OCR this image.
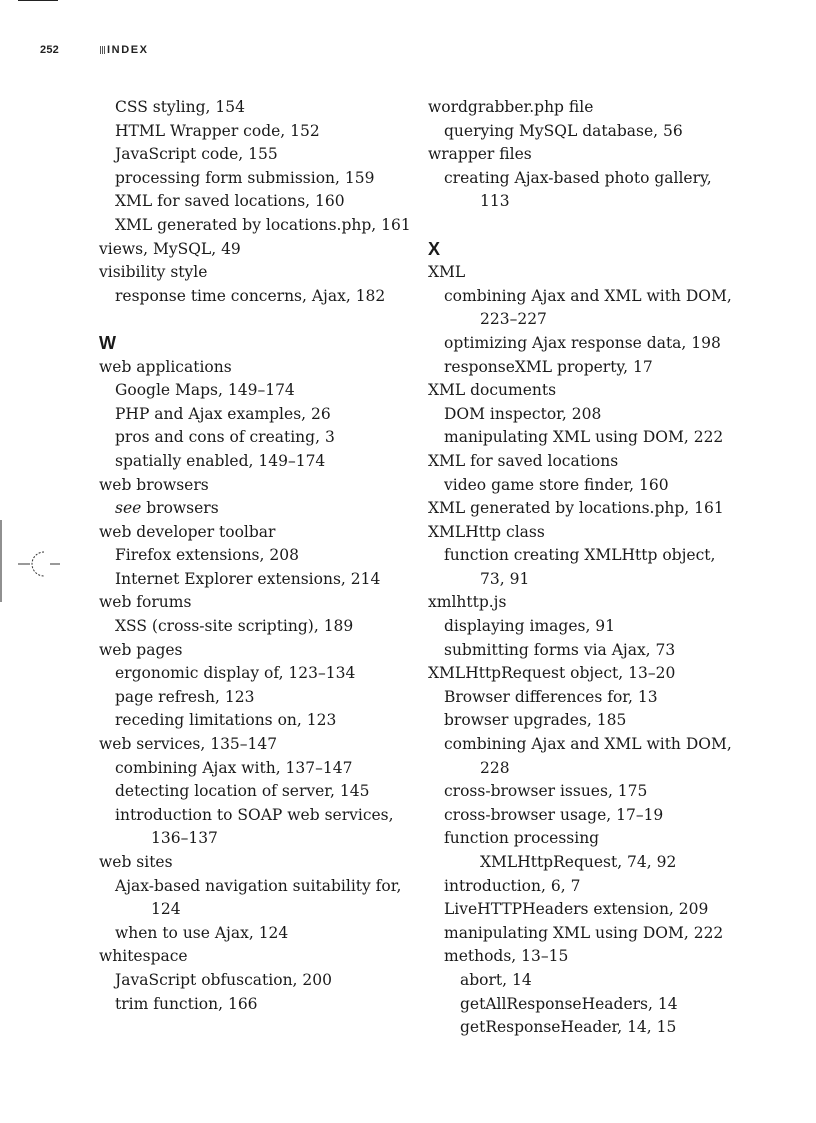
252	INDEX
CSS styling, 154
HTML Wrapper code, 152
JavaScript code, 155
processing form submission, 159
XML for saved locations, 160
XML generated by locations.php, 161
views, MySQL, 49
visibility style
response time concerns, Ajax, 182
W
web applications
Google Maps, 149–174
PHP and Ajax examples, 26
pros and cons of creating, 3
spatially enabled, 149–174
web browsers
see browsers
web developer toolbar
Firefox extensions, 208
Internet Explorer extensions, 214
web forums
XSS (cross-site scripting), 189
web pages
ergonomic display of, 123–134
page refresh, 123
receding limitations on, 123
web services, 135–147
combining Ajax with, 137–147
detecting location of server, 145
introduction to SOAP web services,
136–137
web sites
Ajax-based navigation suitability for,
124
when to use Ajax, 124
whitespace
JavaScript obfuscation, 200
trim function, 166
wordgrabber.php file
querying MySQL database, 56
wrapper files
creating Ajax-based photo gallery,
113
X
XML
combining Ajax and XML with DOM,
223–227
optimizing Ajax response data, 198
responseXML property, 17
XML documents
DOM inspector, 208
manipulating XML using DOM, 222
XML for saved locations
video game store finder, 160
XML generated by locations.php, 161
XMLHttp class
function creating XMLHttp object,
73, 91
xmlhttp.js
displaying images, 91
submitting forms via Ajax, 73
XMLHttpRequest object, 13–20
Browser differences for, 13
browser upgrades, 185
combining Ajax and XML with DOM,
228
cross-browser issues, 175
cross-browser usage, 17–19
function processing
XMLHttpRequest, 74, 92
introduction, 6, 7
LiveHTTPHeaders extension, 209
manipulating XML using DOM, 222
methods, 13–15
abort, 14
getAllResponseHeaders, 14
getResponseHeader, 14, 15
